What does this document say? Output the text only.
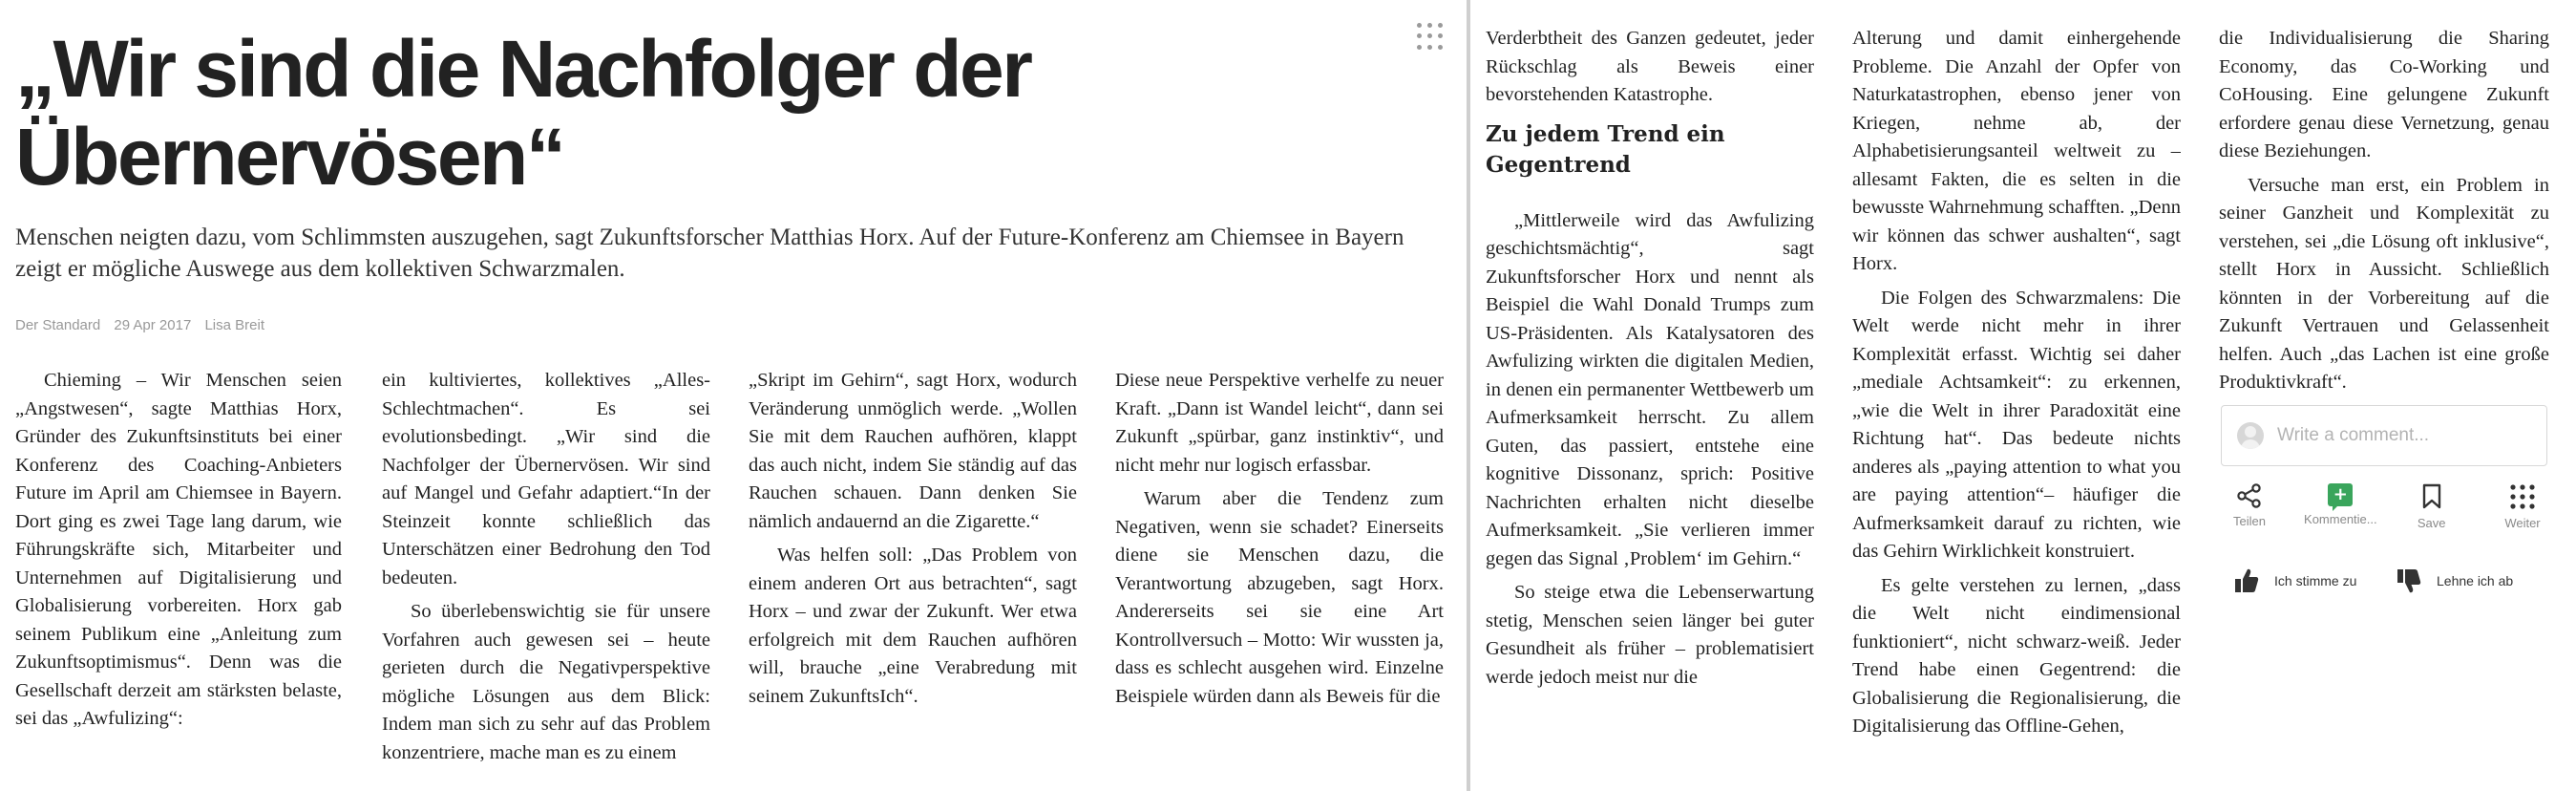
„Wir sind die Nachfolger der Übernervösen“

Menschen neigten dazu, vom Schlimmsten auszugehen, sagt Zukunftsforscher Matthias Horx. Auf der Future-Konferenz am Chiemsee in Bayern zeigt er mögliche Auswege aus dem kollektiven Schwarzmalen.

Der Standard 29 Apr 2017 Lisa Breit

Chieming – Wir Menschen seien „Angstwesen“, sagte Matthias Horx, Gründer des Zukunftsinstituts bei einer Konferenz des Coaching-Anbieters Future im April am Chiemsee in Bayern. Dort ging es zwei Tage lang darum, wie Führungskräfte sich, Mitarbeiter und Unternehmen auf Digitalisierung und Globalisierung vorbereiten. Horx gab seinem Publikum eine „Anleitung zum Zukunftsoptimismus“. Denn was die Gesellschaft derzeit am stärksten belaste, sei das „Awfulizing“:

ein kultiviertes, kollektives „Alles-Schlechtmachen“. Es sei evolutionsbedingt. „Wir sind die Nachfolger der Übernervösen. Wir sind auf Mangel und Gefahr adaptiert.“In der Steinzeit konnte schließlich das Unterschätzen einer Bedrohung den Tod bedeuten.

So überlebenswichtig sie für unsere Vorfahren auch gewesen sei – heute gerieten durch die Negativperspektive mögliche Lösungen aus dem Blick: Indem man sich zu sehr auf das Problem konzentriere, mache man es zu einem

„Skript im Gehirn“, sagt Horx, wodurch Veränderung unmöglich werde. „Wollen Sie mit dem Rauchen aufhören, klappt das auch nicht, indem Sie ständig auf das Rauchen schauen. Dann denken Sie nämlich andauernd an die Zigarette.“

Was helfen soll: „Das Problem von einem anderen Ort aus betrachten“, sagt Horx – und zwar der Zukunft. Wer etwa erfolgreich mit dem Rauchen aufhören will, brauche „eine Verabredung mit seinem ZukunftsIch“.

Diese neue Perspektive verhelfe zu neuer Kraft. „Dann ist Wandel leicht“, dann sei Zukunft „spürbar, ganz instinktiv“, und nicht mehr nur logisch erfassbar.

Warum aber die Tendenz zum Negativen, wenn sie schadet? Einerseits diene sie Menschen dazu, die Verantwortung abzugeben, sagt Horx. Andererseits sei sie eine Art Kontrollversuch – Motto: Wir wussten ja, dass es schlecht ausgehen wird. Einzelne Beispiele würden dann als Beweis für die

Verderbtheit des Ganzen gedeutet, jeder Rückschlag als Beweis einer bevorstehenden Katastrophe.

Zu jedem Trend ein Gegentrend

„Mittlerweile wird das Awfulizing geschichtsmächtig“, sagt Zukunftsforscher Horx und nennt als Beispiel die Wahl Donald Trumps zum US-Präsidenten. Als Katalysatoren des Awfulizing wirkten die digitalen Medien, in denen ein permanenter Wettbewerb um Aufmerksamkeit herrscht. Zu allem Guten, das passiert, entstehe eine kognitive Dissonanz, sprich: Positive Nachrichten erhalten nicht dieselbe Aufmerksamkeit. „Sie verlieren immer gegen das Signal ‚Problem‘ im Gehirn.“

So steige etwa die Lebenserwartung stetig, Menschen seien länger bei guter Gesundheit als früher – problematisiert werde jedoch meist nur die

Alterung und damit einhergehende Probleme. Die Anzahl der Opfer von Naturkatastrophen, ebenso jener von Kriegen, nehme ab, der Alphabetisierungsanteil weltweit zu – allesamt Fakten, die es selten in die bewusste Wahrnehmung schafften. „Denn wir können das schwer aushalten“, sagt Horx.

Die Folgen des Schwarzmalens: Die Welt werde nicht mehr in ihrer Komplexität erfasst. Wichtig sei daher „mediale Achtsamkeit“: zu erkennen, „wie die Welt in ihrer Paradoxität eine Richtung hat“. Das bedeute nichts anderes als „paying attention to what you are paying attention“– häufiger die Aufmerksamkeit darauf zu richten, wie das Gehirn Wirklichkeit konstruiert.

Es gelte verstehen zu lernen, „dass die Welt nicht eindimensional funktioniert“, nicht schwarz-weiß. Jeder Trend habe einen Gegentrend: die Globalisierung die Regionalisierung, die Digitalisierung das Offline-Gehen,

die Individualisierung die Sharing Economy, das Co-Working und CoHousing. Eine gelungene Zukunft erfordere genau diese Vernetzung, genau diese Beziehungen.

Versuche man erst, ein Problem in seiner Ganzheit und Komplexität zu verstehen, sei „die Lösung oft inklusive“, stellt Horx in Aussicht. Schließlich könnten in der Vorbereitung auf die Zukunft Vertrauen und Gelassenheit helfen. Auch „das Lachen ist eine große Produktivkraft“.

Write a comment...
Teilen
+
Kommentie...	Save	Weiter
Ich stimme zu	Lehne ich ab
